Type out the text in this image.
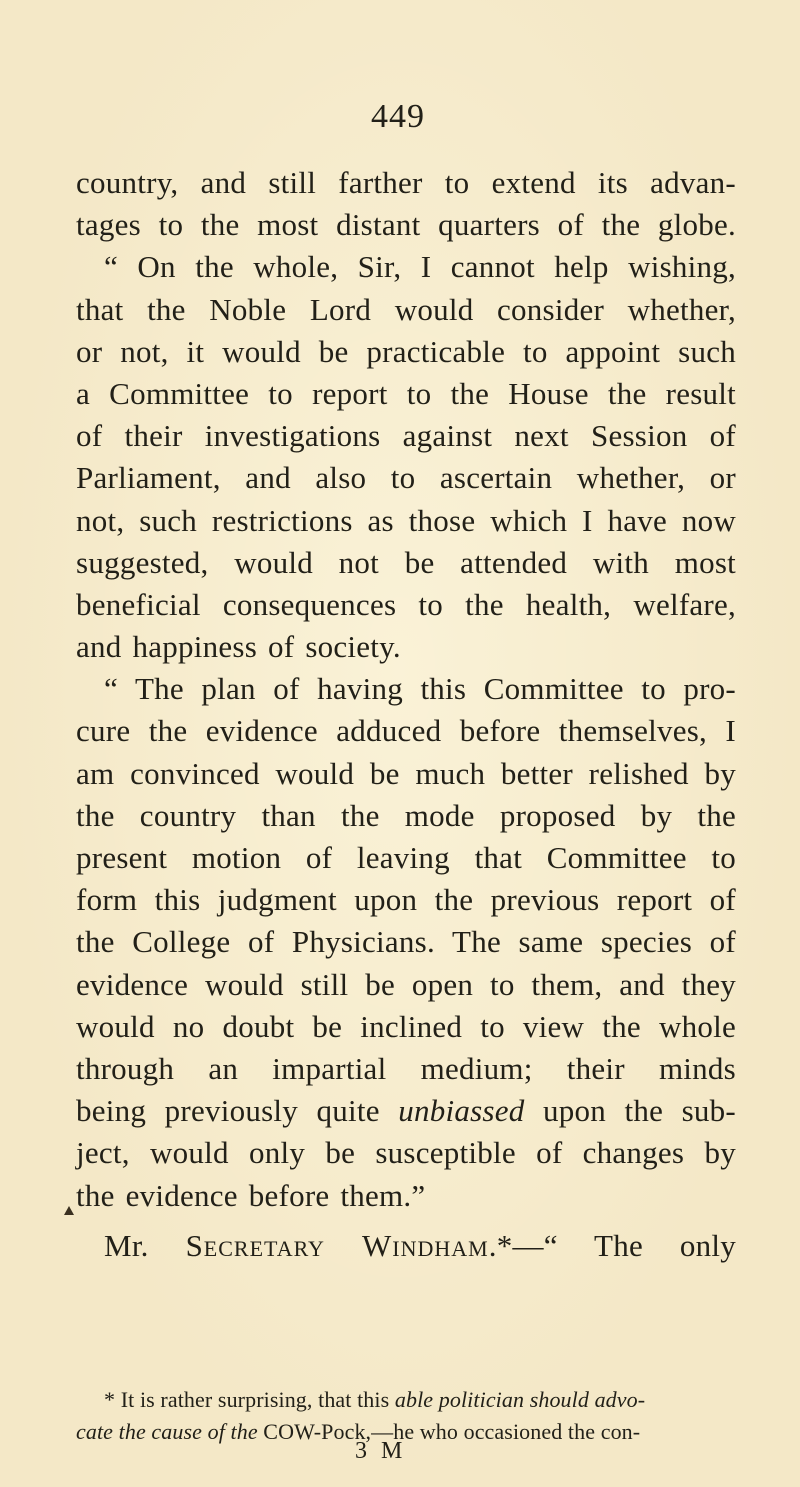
449
country, and still farther to extend its advan-
tages to the most distant quarters of the globe.
“ On the whole, Sir, I cannot help wishing,
that the Noble Lord would consider whether,
or not, it would be practicable to appoint such
a Committee to report to the House the result
of their investigations against next Session of
Parliament, and also to ascertain whether, or
not, such restrictions as those which I have now
suggested, would not be attended with most
beneficial consequences to the health, welfare,
and happiness of society.
“ The plan of having this Committee to pro-
cure the evidence adduced before themselves, I
am convinced would be much better relished by
the country than the mode proposed by the
present motion of leaving that Committee to
form this judgment upon the previous report of
the College of Physicians. The same species of
evidence would still be open to them, and they
would no doubt be inclined to view the whole
through an impartial medium; their minds
being previously quite unbiassed upon the sub-
ject, would only be susceptible of changes by
the evidence before them.”
Mr. Secretary Windham.*—“ The only
* It is rather surprising, that this able politician should advo-
cate the cause of the COW-Pock,—he who occasioned the con-
3 M
